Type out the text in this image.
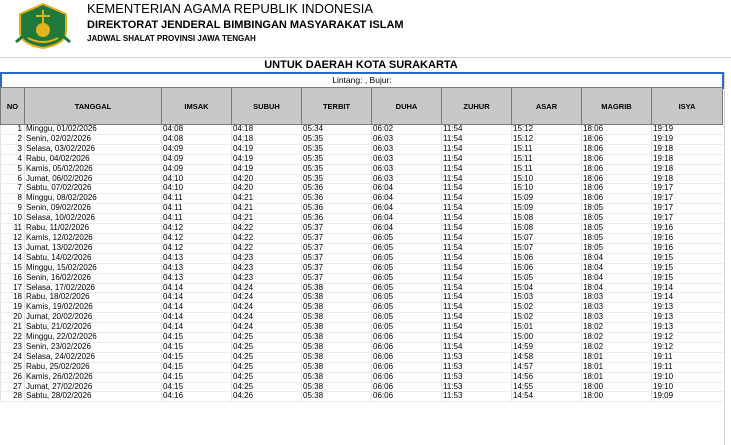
KEMENTERIAN AGAMA REPUBLIK INDONESIA
DIREKTORAT JENDERAL BIMBINGAN MASYARAKAT ISLAM
JADWAL SHALAT PROVINSI JAWA TENGAH
UNTUK DAERAH KOTA SURAKARTA
Lintang: , Bujur:
NO	TANGGAL	IMSAK	SUBUH	TERBIT	DUHA	ZUHUR	ASAR	MAGRIB	ISYA
1	Minggu, 01/02/2026	04:08	04:18	05:34	06:02	11:54	15:12	18:06	19:19
2	Senin, 02/02/2026	04:08	04:18	05:35	06:03	11:54	15:12	18:06	19:19
3	Selasa, 03/02/2026	04:09	04:19	05:35	06:03	11:54	15:11	18:06	19:18
4	Rabu, 04/02/2026	04:09	04:19	05:35	06:03	11:54	15:11	18:06	19:18
5	Kamis, 05/02/2026	04:09	04:19	05:35	06:03	11:54	15:11	18:06	19:18
6	Jumat, 06/02/2026	04:10	04:20	05:35	06:03	11:54	15:10	18:06	19:18
7	Sabtu, 07/02/2026	04:10	04:20	05:36	06:04	11:54	15:10	18:06	19:17
8	Minggu, 08/02/2026	04:11	04:21	05:36	06:04	11:54	15:09	18:06	19:17
9	Senin, 09/02/2026	04:11	04:21	05:36	06:04	11:54	15:09	18:05	19:17
10	Selasa, 10/02/2026	04:11	04:21	05:36	06:04	11:54	15:08	18:05	19:17
11	Rabu, 11/02/2026	04:12	04:22	05:37	06:04	11:54	15:08	18:05	19:16
12	Kamis, 12/02/2026	04:12	04:22	05:37	06:05	11:54	15:07	18:05	19:16
13	Jumat, 13/02/2026	04:12	04:22	05:37	06:05	11:54	15:07	18:05	19:16
14	Sabtu, 14/02/2026	04:13	04:23	05:37	06:05	11:54	15:06	18:04	19:15
15	Minggu, 15/02/2026	04:13	04:23	05:37	06:05	11:54	15:06	18:04	19:15
16	Senin, 16/02/2026	04:13	04:23	05:37	06:05	11:54	15:05	18:04	19:15
17	Selasa, 17/02/2026	04:14	04:24	05:38	06:05	11:54	15:04	18:04	19:14
18	Rabu, 18/02/2026	04:14	04:24	05:38	06:05	11:54	15:03	18:03	19:14
19	Kamis, 19/02/2026	04:14	04:24	05:38	06:05	11:54	15:02	18:03	19:13
20	Jumat, 20/02/2026	04:14	04:24	05:38	06:05	11:54	15:02	18:03	19:13
21	Sabtu, 21/02/2026	04:14	04:24	05:38	06:05	11:54	15:01	18:02	19:13
22	Minggu, 22/02/2026	04:15	04:25	05:38	06:06	11:54	15:00	18:02	19:12
23	Senin, 23/02/2026	04:15	04:25	05:38	06:06	11:54	14:59	18:02	19:12
24	Selasa, 24/02/2026	04:15	04:25	05:38	06:06	11:53	14:58	18:01	19:11
25	Rabu, 25/02/2026	04:15	04:25	05:38	06:06	11:53	14:57	18:01	19:11
26	Kamis, 26/02/2026	04:15	04:25	05:38	06:06	11:53	14:56	18:01	19:10
27	Jumat, 27/02/2026	04:15	04:25	05:38	06:06	11:53	14:55	18:00	19:10
28	Sabtu, 28/02/2026	04:16	04:26	05:38	06:06	11:53	14:54	18:00	19:09
